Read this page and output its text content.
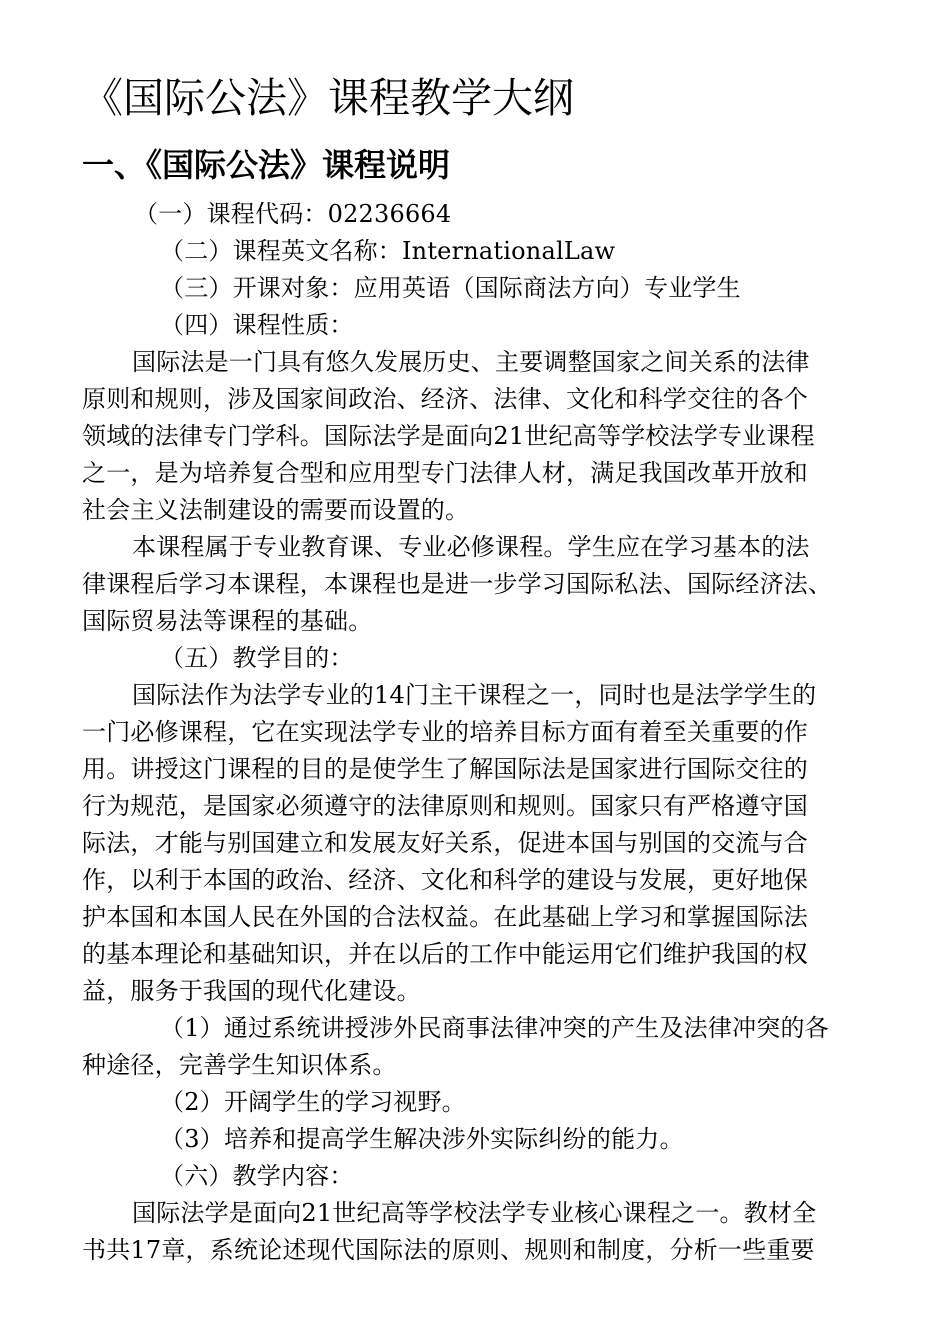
《国际公法》课程教学大纲
一、《国际公法》课程说明
（一）课程代码：02236664
（二）课程英文名称：InternationalLaw
（三）开课对象：应用英语（国际商法方向）专业学生
（四）课程性质：
国际法是一门具有悠久发展历史、主要调整国家之间关系的法律
原则和规则，涉及国家间政治、经济、法律、文化和科学交往的各个
领域的法律专门学科。国际法学是面向21世纪高等学校法学专业课程
之一，是为培养复合型和应用型专门法律人材，满足我国改革开放和
社会主义法制建设的需要而设置的。
本课程属于专业教育课、专业必修课程。学生应在学习基本的法
律课程后学习本课程，本课程也是进一步学习国际私法、国际经济法、
国际贸易法等课程的基础。
（五）教学目的：
国际法作为法学专业的14门主干课程之一，同时也是法学学生的
一门必修课程，它在实现法学专业的培养目标方面有着至关重要的作
用。讲授这门课程的目的是使学生了解国际法是国家进行国际交往的
行为规范，是国家必须遵守的法律原则和规则。国家只有严格遵守国
际法，才能与别国建立和发展友好关系，促进本国与别国的交流与合
作，以利于本国的政治、经济、文化和科学的建设与发展，更好地保
护本国和本国人民在外国的合法权益。在此基础上学习和掌握国际法
的基本理论和基础知识，并在以后的工作中能运用它们维护我国的权
益，服务于我国的现代化建设。
（1）通过系统讲授涉外民商事法律冲突的产生及法律冲突的各
种途径，完善学生知识体系。
（2）开阔学生的学习视野。
（3）培养和提高学生解决涉外实际纠纷的能力。
（六）教学内容：
国际法学是面向21世纪高等学校法学专业核心课程之一。教材全
书共17章，系统论述现代国际法的原则、规则和制度，分析一些重要
